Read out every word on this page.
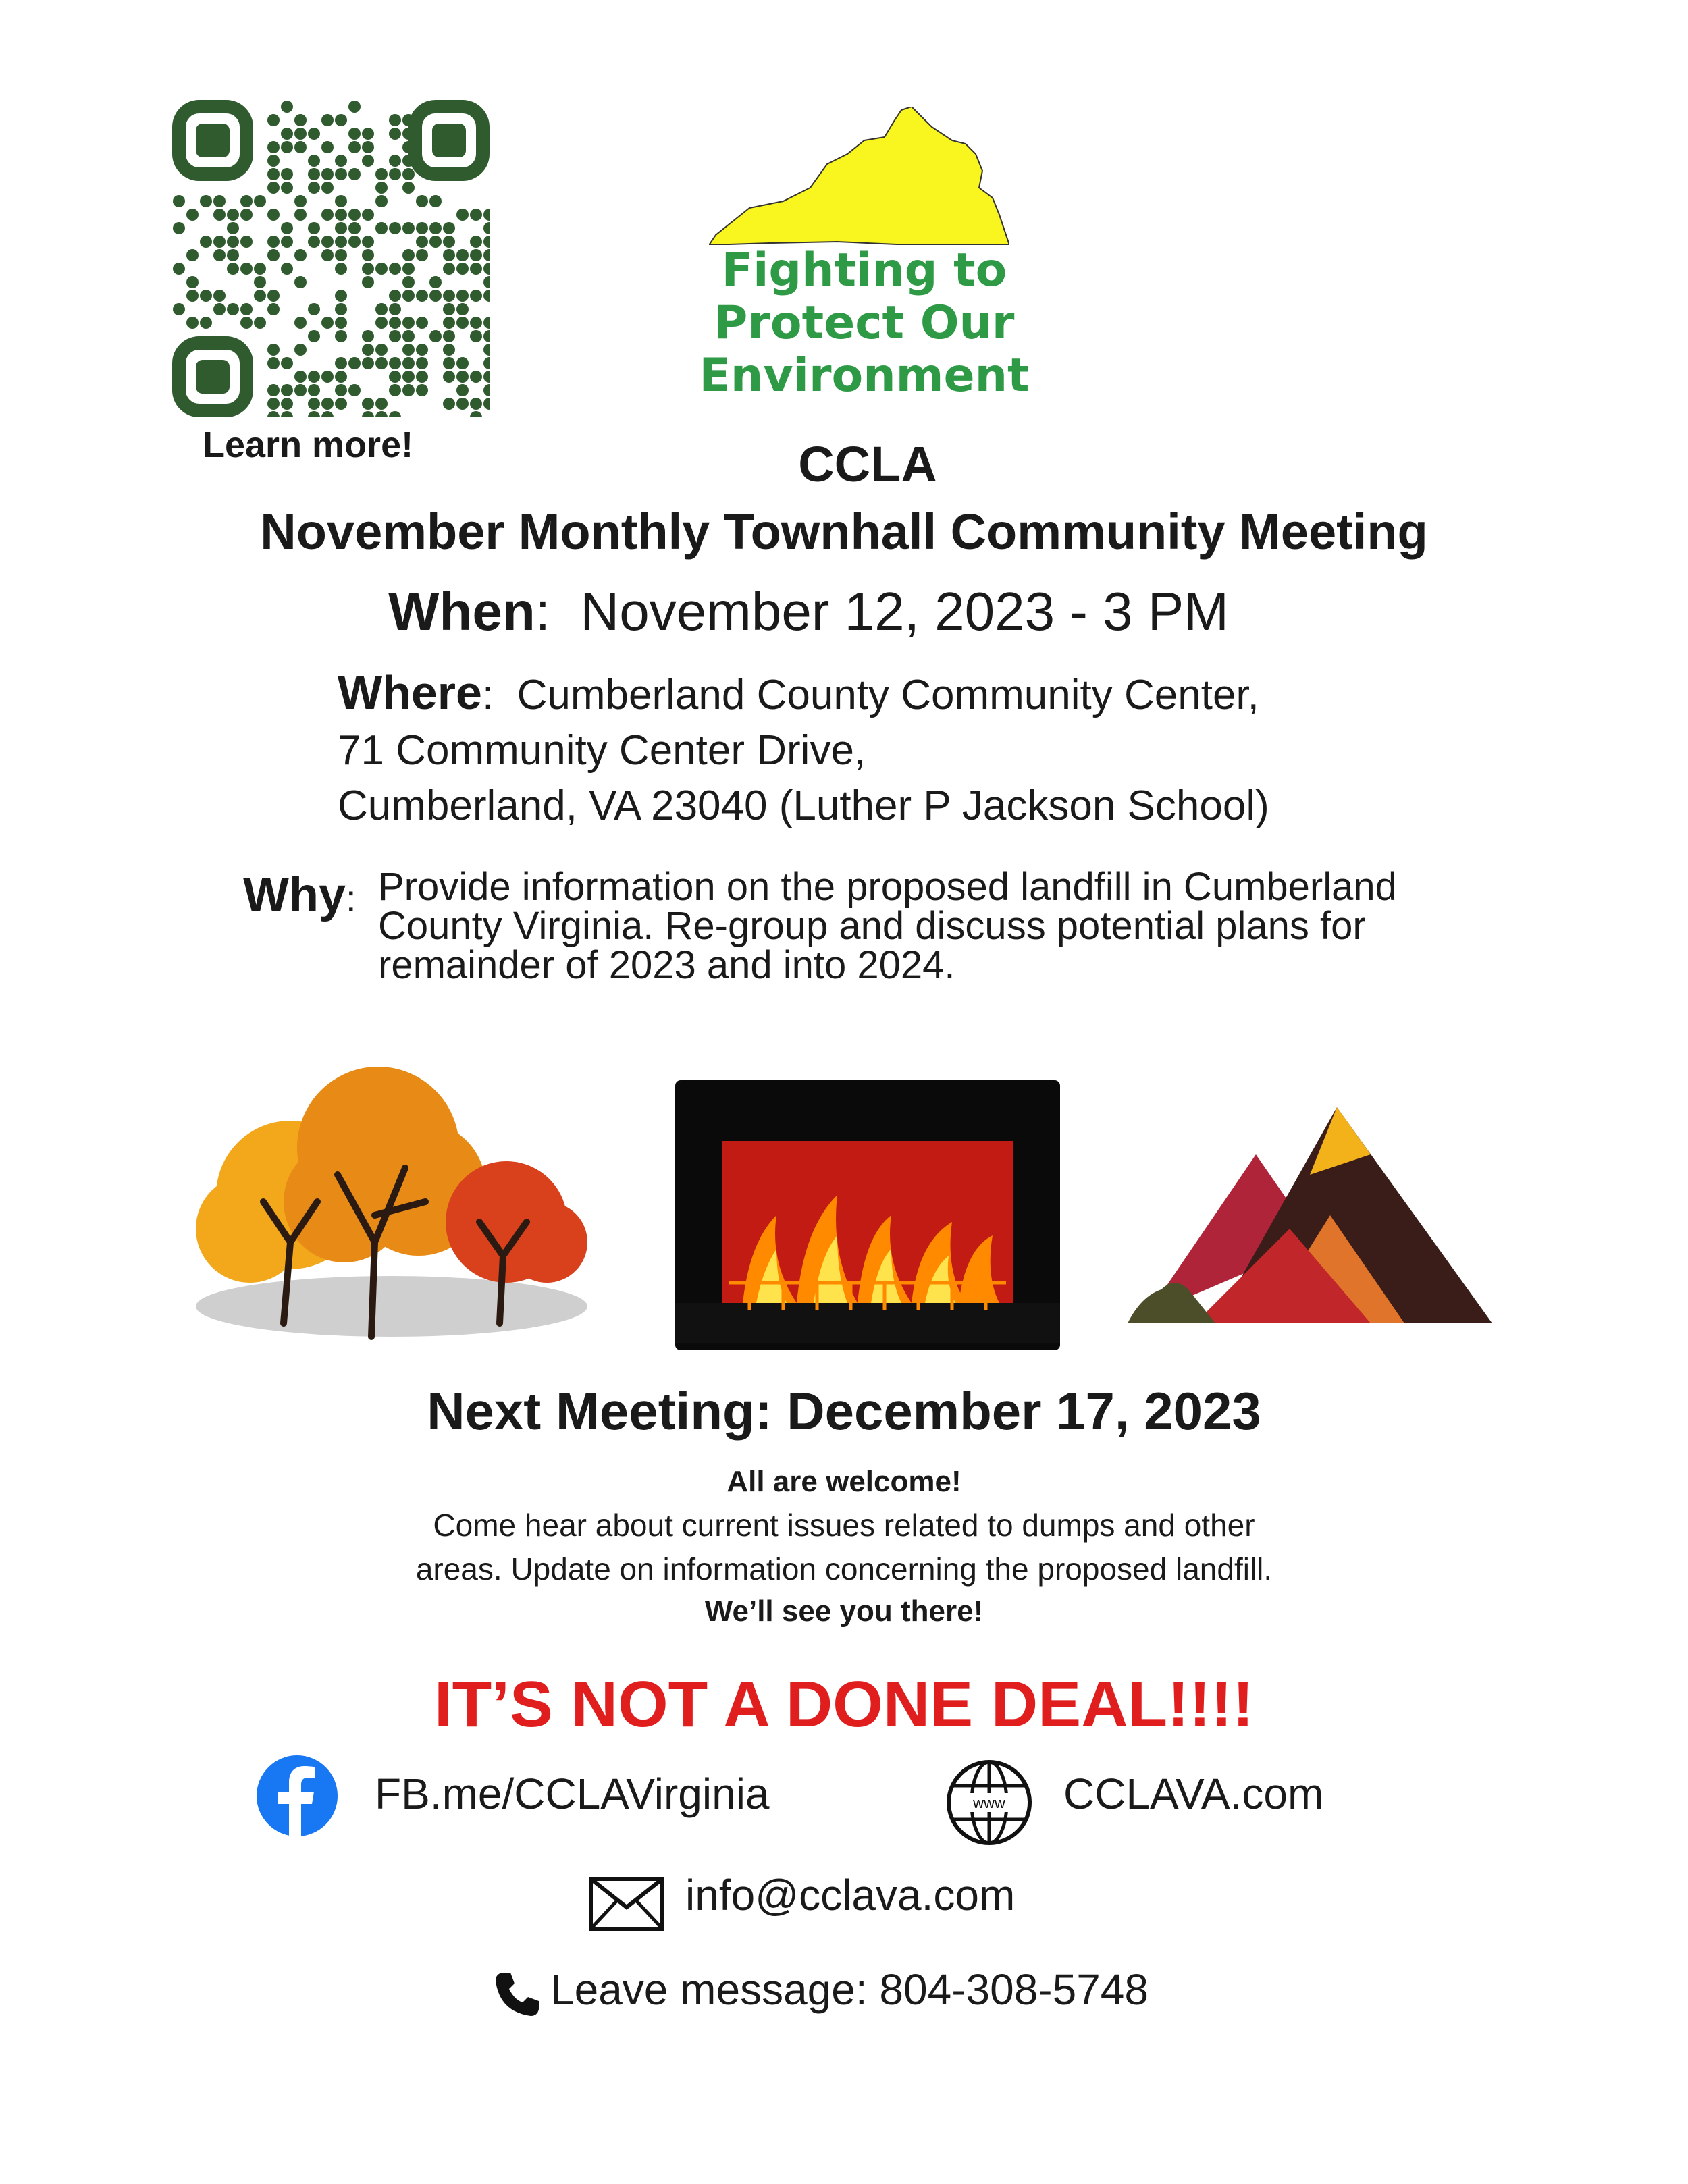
Learn more!
Fighting to
Protect Our
Environment
CCLA
November Monthly Townhall Community Meeting
When:  November 12, 2023 - 3 PM
Where:  Cumberland County Community Center,
71 Community Center Drive,
Cumberland, VA 23040 (Luther P Jackson School)
Why: Provide information on the proposed landfill in Cumberland
County Virginia. Re-group and discuss potential plans for
remainder of 2023 and into 2024.
Next Meeting: December 17, 2023
All are welcome!
Come hear about current issues related to dumps and other
areas. Update on information concerning the proposed landfill.
We’ll see you there!
IT’S NOT A DONE DEAL!!!!
FB.me/CCLAVirginia	www CCLAVA.com
info@cclava.com
Leave message: 804-308-5748
